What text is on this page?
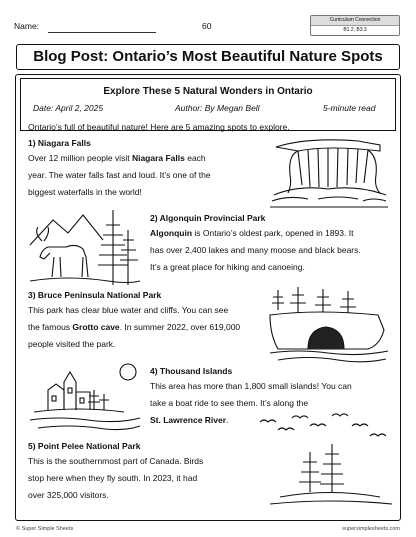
Name:	60
Curriculum Connection
B1.2, B3.3
Blog Post: Ontario’s Most Beautiful Nature Spots
Explore These 5 Natural Wonders in Ontario
Date: April 2, 2025	Author: By Megan Bell	5-minute read
Ontario’s full of beautiful nature! Here are 5 amazing spots to explore.
1) Niagara Falls
Over 12 million people visit Niagara Falls each
year. The water falls fast and loud. It’s one of the
biggest waterfalls in the world!
2) Algonquin Provincial Park
Algonquin is Ontario’s oldest park, opened in 1893. It
has over 2,400 lakes and many moose and black bears.
It’s a great place for hiking and canoeing.
3) Bruce Peninsula National Park
This park has clear blue water and cliffs. You can see
the famous Grotto cave. In summer 2022, over 619,000
people visited the park.
4) Thousand Islands
This area has more than 1,800 small islands! You can
take a boat ride to see them. It’s along the
St. Lawrence River.
5) Point Pelee National Park
This is the southernmost part of Canada. Birds
stop here when they fly south. In 2023, it had
over 325,000 visitors.
© Super Simple Sheets	supersimplesheets.com
